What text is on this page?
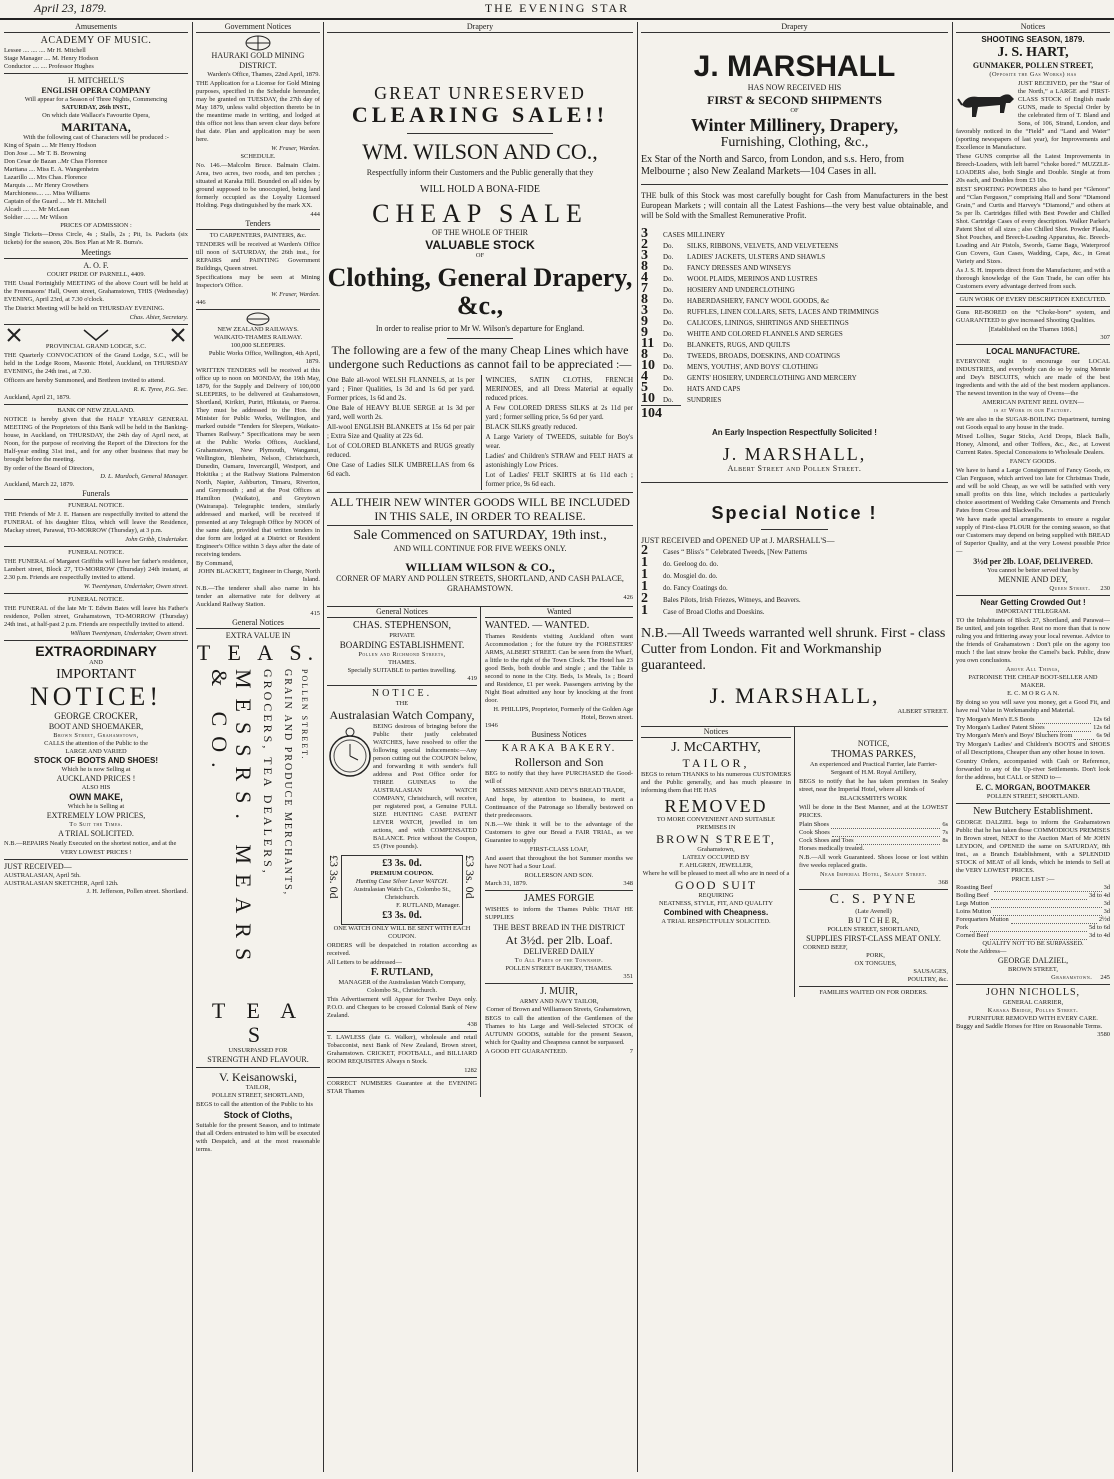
April 23, 1879.	THE EVENING STAR
Amusements
ACADEMY OF MUSIC.
Lessee .... .... .... Mr H. Mitchell
Stage Manager .... M. Henry Hodson
Conductor .... .... Professor Hughes
H. MITCHELL'S
ENGLISH OPERA COMPANY
Will appear for a Season of Three Nights, Commencing
SATURDAY, 26th INST.,
On which date Wallace's Favourite Opera,
MARITANA,
With the following cast of Characters will be produced :-
King of Spain .... Mr Henry Hodson
Don Jose .... Mr T. B. Browning
Don Cesar de Bazan ..Mr Chas Florence
Maritana .... Miss E. A. Wangenheim
Lazarillo .... Mrs Chas. Florence
Marquis .... Mr Henry Crowthers
Marchioness.... .... Miss Williams
Captain of the Guard .... Mr H. Mitchell
Alcadi .... .... Mr McLean
Soldier .... .... Mr Wilson
PRICES OF ADMISSION :

Single Tickets—Dress Circle, 4s ; Stalls, 2s ; Pit, 1s. Packets (six tickets) for the season, 20s. Box Plan at Mr R. Burra's.

Meetings
A. O. F.
COURT PRIDE OF PARNELL, 4409.

THE Usual Fortnightly MEETING of the above Court will be held at the Freemasons' Hall, Owen street, Grahamstown, THIS (Wednesday) EVENING, April 23rd, at 7.30 o'clock.

The District Meeting will be held on THURSDAY EVENING.

Chas. Ahier, Secretary.
PROVINCIAL GRAND LODGE, S.C.

THE Quarterly CONVOCATION of the Grand Lodge, S.C., will be held in the Lodge Room, Masonic Hotel, Auckland, on THURSDAY EVENING, the 24th inst., at 7.30.

Officers are hereby Summoned, and Brethren invited to attend.

R. K. Tyree, P.G. Sec.
Auckland, April 21, 1879.
BANK OF NEW ZEALAND.

NOTICE is hereby given that the HALF YEARLY GENERAL MEETING of the Proprietors of this Bank will be held in the Banking-house, in Auckland, on THURSDAY, the 24th day of April next, at Noon, for the purpose of receiving the Report of the Directors for the Half-year ending 31st inst., and for any other business that may be brought before the meeting.

By order of the Board of Directors,
D. L. Murdoch, General Manager.
Auckland, March 22, 1879.
Funerals
FUNERAL NOTICE.

THE Friends of Mr J. E. Hansen are respectfully invited to attend the FUNERAL of his daughter Eliza, which will leave the Residence, Mackay street, Parawai, TO-MORROW (Thursday), at 3 p.m.

John Gribb, Undertaker.
FUNERAL NOTICE.

THE FUNERAL of Margaret Griffiths will leave her father's residence, Lambert street, Block 27, TO-MORROW (Thursday) 24th instant, at 2.30 p.m. Friends are respectfully invited to attend.

W. Twentyman, Undertaker, Owen street.
FUNERAL NOTICE.

THE FUNERAL of the late Mr T. Edwin Bates will leave his Father's residence, Pollen street, Grahamstown, TO-MORROW (Thursday) 24th inst., at half-past 2 p.m. Friends are respectfully invited to attend.

William Twentyman, Undertaker, Owen street.
EXTRAORDINARY
AND
IMPORTANT
NOTICE!
GEORGE CROCKER,
BOOT AND SHOEMAKER,
Brown Street, Grahamstown,
CALLS the attention of the Public to the
LARGE AND VARIED
STOCK OF BOOTS AND SHOES!
Which he is now Selling at
AUCKLAND PRICES !
ALSO HIS
OWN MAKE,
Which he is Selling at
EXTREMELY LOW PRICES,
To Suit the Times.
A TRIAL SOLICITED.

N.B.—REPAIRS Neatly Executed on the shortest notice, and at the

VERY LOWEST PRICES !
JUST RECEIVED—
AUSTRALASIAN, April 5th.
AUSTRALASIAN SKETCHER, April 12th.
J. H. Jefferson, Pollen street. Shortland.
Government Notices
HAURAKI GOLD MINING DISTRICT.
Warden's Office, Thames, 22nd April, 1879.

THE Application for a License for Gold Mining purposes, specified in the Schedule hereunder, may be granted on TUESDAY, the 27th day of May 1879, unless valid objection thereto be in the meantime made in writing, and lodged at this office not less than seven clear days before that date. Plan and application may be seen here.

W. Fraser, Warden.
SCHEDULE.

No. 146.—Malcolm Bruce. Balmain Claim. Area, two acres, two roods, and ten perches ; situated at Karaka Hill. Bounded on all sides by ground supposed to be unoccupied, being land formerly occupied as the Loyalty Licensed Holding. Pegs distinguished by the mark XX.

444
Tenders
TO CARPENTERS, PAINTERS, &c.

TENDERS will be received at Warden's Office till noon of SATURDAY, the 26th inst., for REPAIRS and PAINTING Government Buildings, Queen street.

Specifications may be seen at Mining Inspector's Office.

W. Fraser, Warden.
446
NEW ZEALAND RAILWAYS.
WAIKATO-THAMES RAILWAY.
100,000 SLEEPERS.
Public Works Office, Wellington, 4th April, 1879.

WRITTEN TENDERS will be received at this office up to noon on MONDAY, the 19th May, 1879, for the Supply and Delivery of 100,000 SLEEPERS, to be delivered at Grahamstown, Shortland, Kirikiri, Puriri, Hikutaia, or Paeroa. They must be addressed to the Hon. the Minister for Public Works, Wellington, and marked outside “Tenders for Sleepers, Waikato-Thames Railway.” Specifications may be seen at the Public Works Offices, Auckland, Grahamstown, New Plymouth, Wanganui, Wellington, Blenheim, Nelson, Christchurch, Dunedin, Oamaru, Invercargill, Westport, and Hokitika ; at the Railway Stations Palmerston North, Napier, Ashburton, Timaru, Riverton, and Greymouth ; and at the Post Offices at Hamilton (Waikato), and Greytown (Wairarapa). Telegraphic tenders, similarly addressed and marked, will be received if presented at any Telegraph Office by NOON of the same date, provided that written tenders in due form are lodged at a District or Resident Engineer's Office within 3 days after the date of receiving tenders.

By Command,
JOHN BLACKETT, Engineer in Charge, North Island.

N.B.—The tenderer shall also name in his tender an alternative rate for delivery at Auckland Railway Station.

415
General Notices
EXTRA VALUE IN
T E A S.
MESSRS. MEARS & CO.	GROCERS, TEA DEALERS, GRAIN AND PRODUCE MERCHANTS, POLLEN STREET.
T E A S
UNSURPASSED FOR
STRENGTH AND FLAVOUR.
V. Keisanowski,
TAILOR,
POLLEN STREET, SHORTLAND,

BEGS to call the attention of the Public to his

Stock of Cloths,

Suitable for the present Season, and to intimate that all Orders entrusted to him will be executed with Despatch, and at the most reasonable terms.

Drapery
GREAT UNRESERVED
CLEARING SALE!!
WM. WILSON AND CO.,
Respectfully inform their Customers and the Public generally that they
WILL HOLD A BONA-FIDE
CHEAP SALE
OF THE WHOLE OF THEIR
VALUABLE STOCK
OF
Clothing, General Drapery, &c.,
In order to realise prior to Mr W. Wilson's departure for England.
The following are a few of the many Cheap Lines which have undergone such Reductions as cannot fail to be appreciated :—

One Bale all-wool WELSH FLANNELS, at 1s per yard ; Finer Qualities, 1s 3d and 1s 6d per yard. Former prices, 1s 6d and 2s.

One Bale of HEAVY BLUE SERGE at 1s 3d per yard, well worth 2s.

All-wool ENGLISH BLANKETS at 15s 6d per pair ; Extra Size and Quality at 22s 6d.

Lot of COLORED BLANKETS and RUGS greatly reduced.

One Case of Ladies SILK UMBRELLAS from 6s 6d each.

WINCIES, SATIN CLOTHS, FRENCH MERINOES, and all Dress Material at equally reduced prices.

A Few COLORED DRESS SILKS at 2s 11d per yard ; former selling price, 5s 6d per yard.

BLACK SILKS greatly reduced.

A Large Variety of TWEEDS, suitable for Boy's wear.

Ladies' and Children's STRAW and FELT HATS at astonishingly Low Prices.

Lot of Ladies' FELT SKIRTS at 6s 11d each ; former price, 9s 6d each.

ALL THEIR NEW WINTER GOODS WILL BE INCLUDED IN THIS SALE, IN ORDER TO REALISE.
Sale Commenced on SATURDAY, 19th inst.,
AND WILL CONTINUE FOR FIVE WEEKS ONLY.
WILLIAM WILSON & CO.,
CORNER OF MARY AND POLLEN STREETS, SHORTLAND, AND CASH PALACE, GRAHAMSTOWN.
426
General Notices
CHAS. STEPHENSON,
PRIVATE
BOARDING ESTABLISHMENT.
Pollen and Richmond Streets,
THAMES.
Specially SUITABLE to parties travelling.
419
NOTICE.
THE
Australasian Watch Company,

BEING desirous of bringing before the Public their justly celebrated WATCHES, have resolved to offer the following special inducements:—Any person cutting out the COUPON below, and forwarding it with sender's full address and Post Office order for THREE GUINEAS to the AUSTRALASIAN WATCH COMPANY, Christchurch, will receive, per registered post, a Genuine FULL SIZE HUNTING CASE PATENT LEVER WATCH, jewelled in ten actions, and with COMPENSATED BALANCE. Price without the Coupon, £5 (Five pounds).

£3 3s. 0d	£3 3s. 0d.
PREMIUM COUPON.
Hunting Case Silver Lever WATCH.
Australasian Watch Co., Colombo St., Christchurch.
F. RUTLAND, Manager.
£3 3s. 0d.
£3 3s. 0d
ONE WATCH ONLY WILL BE SENT WITH EACH COUPON.

ORDERS will be despatched in rotation according as received.

All Letters to be addressed—
F. RUTLAND,
MANAGER of the Australasian Watch Company, Colombo St., Christchurch.

This Advertisement will Appear for Twelve Days only. P.O.O. and Cheques to be crossed Colonial Bank of New Zealand.

438

T. LAWLESS (late G. Walker), wholesale and retail Tobacconist, next Bank of New Zealand, Brown street, Grahamstown. CRICKET, FOOTBALL, and BILLIARD ROOM REQUISITES Always n Stock.

1282

CORRECT NUMBERS Guarantee at the EVENING STAR Thames

Wanted
WANTED. — WANTED.

Thames Residents visiting Auckland often want Accommodation ; for the future try the FORESTERS' ARMS, ALBERT STREET. Can be seen from the Wharf, a little to the right of the Town Clock. The Hotel has 23 good Beds, both double and single ; and the Table is second to none in the City. Beds, 1s Meals, 1s ; Board and Residence, £1 per week. Passengers arriving by the Night Boat admitted any hour by knocking at the front door.

H. PHILLIPS, Proprietor, Formerly of the Golden Age Hotel, Brown street.
1946
Business Notices
KARAKA BAKERY.
Rollerson and Son

BEG to notify that they have PURCHASED the Good-will of

MESSRS MENNIE AND DEY'S BREAD TRADE,

And hope, by attention to business, to merit a Continuance of the Patronage so liberally bestowed on their predecessors.

N.B.—We think it will be to the advantage of the Customers to give our Bread a FAIR TRIAL, as we Guarantee to supply

FIRST-CLASS LOAF,

And assert that throughout the hot Summer months we have NOT had a Sour Loaf.

ROLLERSON AND SON.
March 31, 1879.	348
JAMES FORGIE

WISHES to inform the Thames Public THAT HE SUPPLIES

THE BEST BREAD IN THE DISTRICT
At 3½d. per 2lb. Loaf.
DELIVERED DAILY
To All Parts of the Township.
POLLEN STREET BAKERY, THAMES.
351
J. MUIR,
ARMY AND NAVY TAILOR,
Corner of Brown and Williamson Streets, Grahamstown,

BEGS to call the attention of the Gentlemen of the Thames to his Large and Well-Selected STOCK of AUTUMN GOODS, suitable for the present Season, which for Quality and Cheapness cannot be surpassed.

A GOOD FIT GUARANTEED.	7
Drapery
J. MARSHALL
HAS NOW RECEIVED HIS
FIRST & SECOND SHIPMENTS
OF
Winter Millinery, Drapery,
Furnishing, Clothing, &c.,
Ex Star of the North and Sarco, from London, and s.s. Hero, from Melbourne ; also New Zealand Markets—104 Cases in all.

THE bulk of this Stock was most carefully bought for Cash from Manufacturers in the best European Markets ; will contain all the Latest Fashions—the very best value obtainable, and will be Sold with the Smallest Remunerative Profit.

3	CASES MILLINERY
2	Do.	SILKS, RIBBONS, VELVETS, AND VELVETEENS
3	Do.	LADIES' JACKETS, ULSTERS AND SHAWLS
8	Do.	FANCY DRESSES AND WINSEYS
4	Do.	WOOL PLAIDS, MERINOS AND LUSTRES
7	Do.	HOSIERY AND UNDERCLOTHING
8	Do.	HABERDASHERY, FANCY WOOL GOODS, &c
3	Do.	RUFFLES, LINEN COLLARS, SETS, LACES AND TRIMMINGS
9	Do.	CALICOES, LININGS, SHIRTINGS AND SHEETINGS
9	Do.	WHITE AND COLORED FLANNELS AND SERGES
11	Do.	BLANKETS, RUGS, AND QUILTS
8	Do.	TWEEDS, BROADS, DOESKINS, AND COATINGS
10	Do.	MEN'S, YOUTHS', AND BOYS' CLOTHING
4	Do.	GENTS' HOSIERY, UNDERCLOTHING AND MERCERY
5	Do.	HATS AND CAPS
10	Do.	SUNDRIES
104
An Early Inspection Respectfully Solicited !
J. MARSHALL,
Albert Street and Pollen Street.
Special Notice !
JUST RECEIVED and OPENED UP at J. MARSHALL'S—
2	Cases “ Bliss's ” Celebrated Tweeds, [New Patterns
1	do. Geeloog do. do.
1	do. Mosgiel do. do.
1	do. Fancy Coatings do.
2	Bales Pilots, Irish Friezes, Witneys, and Beavers.
1	Case of Broad Cloths and Doeskins.
N.B.—All Tweeds warranted well shrunk. First - class Cutter from London. Fit and Workmanship guaranteed.
J. MARSHALL,
ALBERT STREET.
Notices
J. McCARTHY,
TAILOR,

BEGS to return THANKS to his numerous CUSTOMERS and the Public generally, and has much pleasure in informing them that HE HAS

REMOVED
TO MORE CONVENIENT AND SUITABLE PREMISES IN
BROWN STREET,
Grahamstown,
LATELY OCCUPIED BY
F. AHLGREN, JEWELLER,
Where he will be pleased to meet all who are in need of a
GOOD SUIT
REQUIRING
NEATNESS, STYLE, FIT, AND QUALITY
Combined with Cheapness.
A TRIAL RESPECTFULLY SOLICITED.

NOTICE,
THOMAS PARKES,
An experienced and Practical Farrier, late Farrier-Sergeant of H.M. Royal Artillery,

BEGS to notify that he has taken premises in Sealey street, near the Imperial Hotel, where all kinds of

BLACKSMITH'S WORK

Will be done in the Best Manner, and at the LOWEST PRICES.

Plain Shoes	6s
Cook Shoes	7s
Cock Shoes and Toes	8s
Horses medically treated.

N.B.—All work Guaranteed. Shoes loose or lost within five weeks replaced gratis.

Near Imperial Hotel, Sealey Street.
368
C. S. PYNE
(Late Avenell)
B U T C H E R,
POLLEN STREET, SHORTLAND,
SUPPLIES FIRST-CLASS MEAT ONLY.
CORNED BEEF,
PORK,
OX TONGUES,
SAUSAGES,
POULTRY, &c.
FAMILIES WAITED ON FOR ORDERS.
Notices
SHOOTING SEASON, 1879.
J. S. HART,
GUNMAKER, POLLEN STREET,
(Opposite the Gas Works) has

JUST RECEIVED, per the “Star of the North,” a LARGE and FIRST-CLASS STOCK of English made GUNS, made to Special Order by the celebrated firm of T. Bland and Sons, of 106, Strand, London, and favorably noticed in the “Field” and “Land and Water” (sporting newspapers of last year), for Improvements and Excellence in Manufacture.

These GUNS comprise all the Latest Improvements in Breech-Loaders, with left barrel “choke bored.” MUZZLE-LOADERS also, both Single and Double. Single at from 20s each, and Doubles from £3 10s.

BEST SPORTING POWDERS also to hand per “Glenora” and “Clan Ferguson,” comprising Hall and Sons' “Diamond Grain,” and Curtis and Harvey's “Diamond,” and others at 5s per lb. Cartridges filled with Best Powder and Chilled Shot. Cartridge Cases of every description. Walker Parker's Patent Shot of all sizes ; also Chilled Shot. Powder Flasks, Shot Pouches, and Breech-Loading Apparatus, &c. Breech-Loading and Air Pistols, Swords, Game Bags, Waterproof Gun Covers, Gun Cases, Wadding, Caps, &c., in Great Variety and Sizes.

As J. S. H. imports direct from the Manufacturer, and with a thorough knowledge of the Gun Trade, he can offer his Customers every advantage derived from such.

GUN WORK OF EVERY DESCRIPTION EXECUTED.

Guns RE-BORED on the “Choke-bore” system, and GUARANTEED to give increased Shooting Qualities.

[Established on the Thames 1868.]
307
LOCAL MANUFACTURE.

EVERYONE ought to encourage our LOCAL INDUSTRIES, and everybody can do so by using Mennie and Dey's BISCUITS, which are made of the best ingredients and with the aid of the best modern appliances. The newest invention in the way of Ovens—the

AMERICAN PATENT REEL OVEN—
is at Work in our Factory.

We are also in the SUGAR-BOILING Department, turning out Goods equal to any house in the trade.

Mixed Lollies, Sugar Sticks, Acid Drops, Black Balls, Honey, Almond, and other Toffees, &c., &c., at Lowest Current Rates. Special Concessions to Wholesale Dealers.

FANCY GOODS.

We have to hand a Large Consignment of Fancy Goods, ex Clan Ferguson, which arrived too late for Christmas Trade, and will be sold Cheap, as we will be satisfied with very small profits on this line, which includes a particularly choice assortment of Wedding Cake Ornaments and French Pates from Cross and Blackwell's.

We have made special arrangements to ensure a regular supply of First-class FLOUR for the coming season, so that our Customers may depend on being supplied with BREAD of Superior Quality, and at the very Lowest possible Price—

3½d per 2lb. LOAF, DELIVERED.
You cannot be better served than by
MENNIE AND DEY,
Queen Street. 230
Near Getting Crowded Out !
IMPORTANT TELEGRAM.

TO the Inhabitants of Block 27, Shortland, and Parawai—Be united, and join together. Rest no more than that is now ruling you and frittering away your local revenue. Advice to the friends of Grahamstown : Don't pile on the agony too much ! the last straw broke the Camel's back. Public, draw you own conclusions.

Above All Things,
PATRONISE THE CHEAP BOOT-SELLER AND MAKER.
E. C. M O R G A N.

By doing so you will save you money, get a Good Fit, and have real Value in Workmanship and Material.

Try Morgan's Men's E.S Boots	12s 6d
Try Morgan's Ladies' Patent Shoes	12s 6d
Try Morgan's Men's and Boys' Bluchers from	6s 9d

Try Morgan's Ladies' and Children's BOOTS and SHOES of all Descriptions, Cheaper than any other house in town.

Country Orders, accompanied with Cash or Reference, forwarded to any of the Up-river Settlements. Don't look for the address, but CALL or SEND to—

E. C. MORGAN, BOOTMAKER
POLLEN STREET, SHORTLAND.
New Butchery Establishment.

GEORGE DALZIEL begs to inform the Grahamstown Public that he has taken those COMMODIOUS PREMISES in Brown street, NEXT to the Auction Mart of Mr JOHN LEYDON, and OPENED the same on SATURDAY, 8th inst., as a Branch Establishment, with a SPLENDID STOCK of MEAT of all kinds, which he intends to Sell at the VERY LOWEST PRICES.

PRICE LIST :—
Roasting Beef	3d
Boiling Beef	3d to 4d
Legs Mutton	3d
Loins Mutton	3d
Forequarters Mutton	2½d
Pork	5d to 6d
Corned Beef	3d to 4d
QUALITY NOT TO BE SURPASSED.
Note the Address—
GEORGE DALZIEL,
BROWN STREET,
Grahamstown. 245
JOHN NICHOLLS,
GENERAL CARRIER,
Karaka Bridge, Pollen Street.
FURNITURE REMOVED WITH EVERY CARE.
Buggy and Saddle Horses for Hire on Reasonable Terms.
3580
